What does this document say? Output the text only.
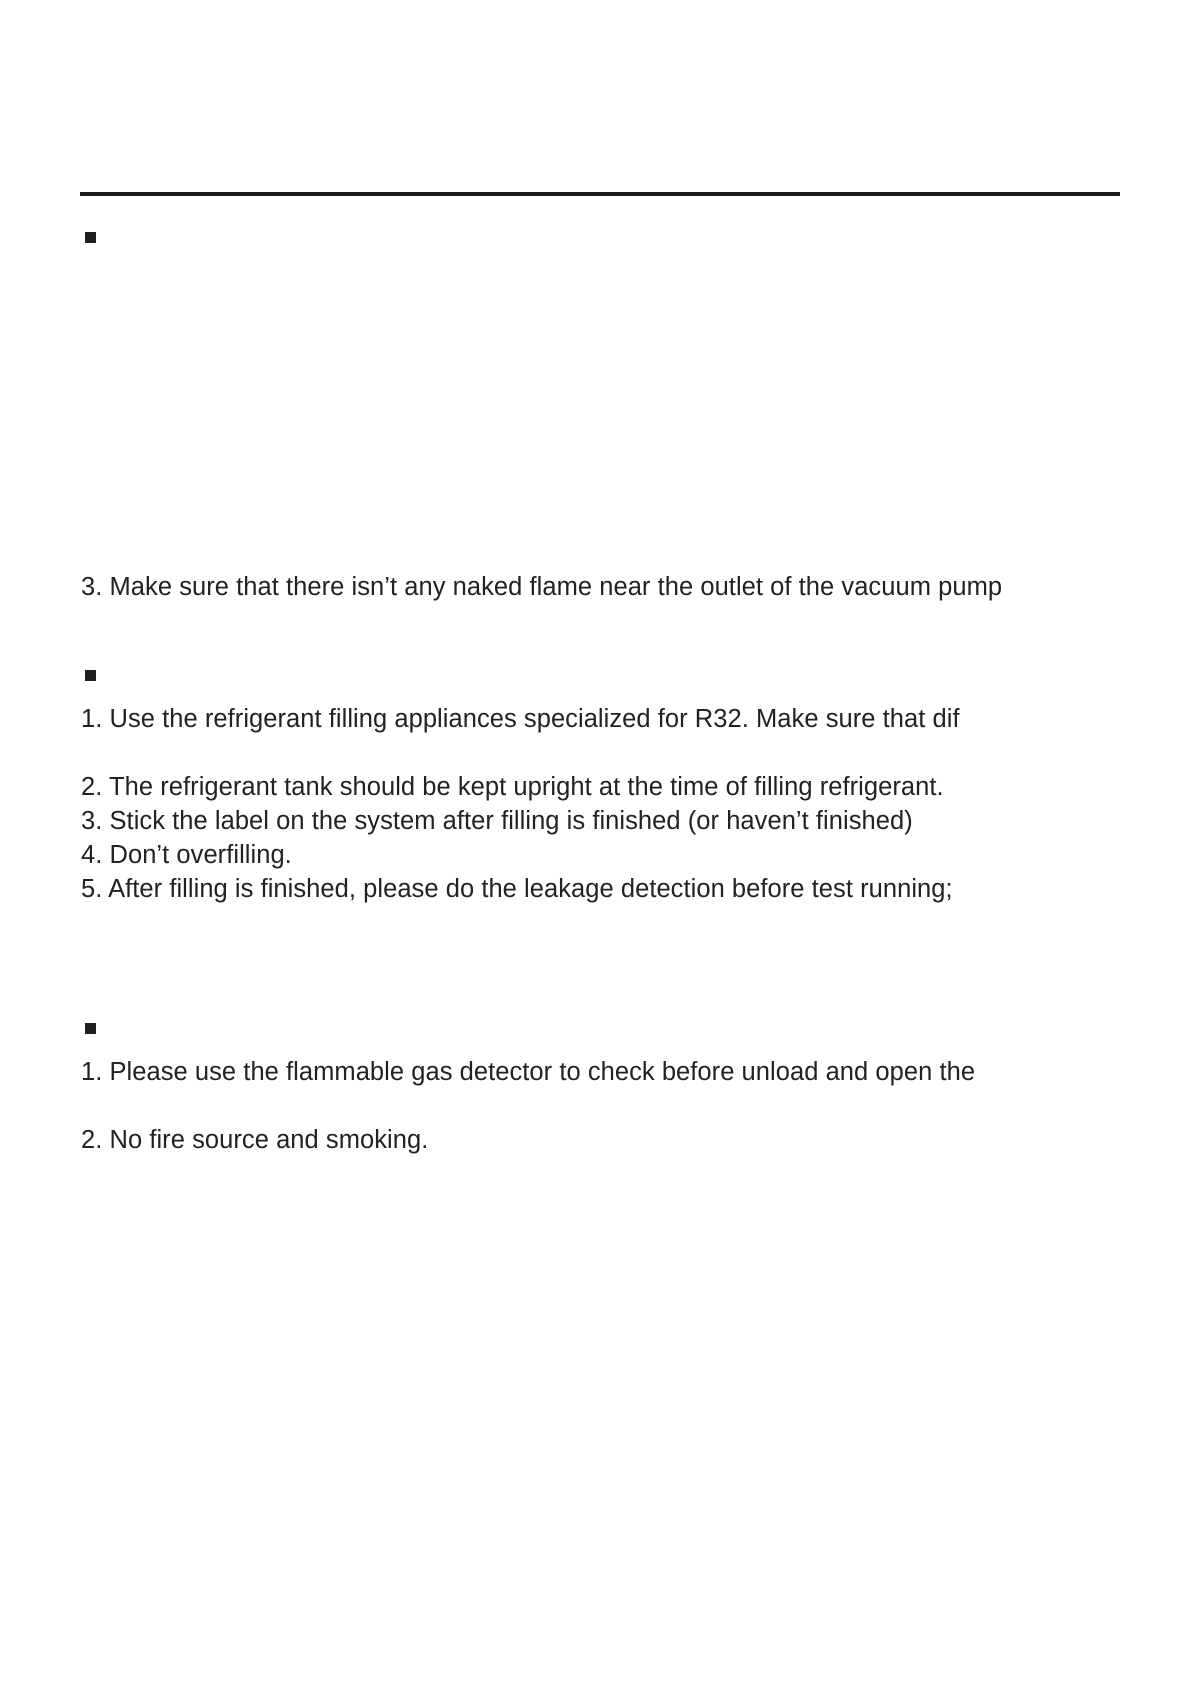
3. Make sure that there isn’t any naked flame near the outlet of the vacuum pump
1. Use the refrigerant filling appliances specialized for R32. Make sure that dif
2. The refrigerant tank should be kept upright at the time of filling refrigerant.
3. Stick the label on the system after filling is finished (or haven’t finished)
4. Don’t overfilling.
5. After filling is finished, please do the leakage detection before test running;
1. Please use the flammable gas detector to check before unload and open the
2. No fire source and smoking.
